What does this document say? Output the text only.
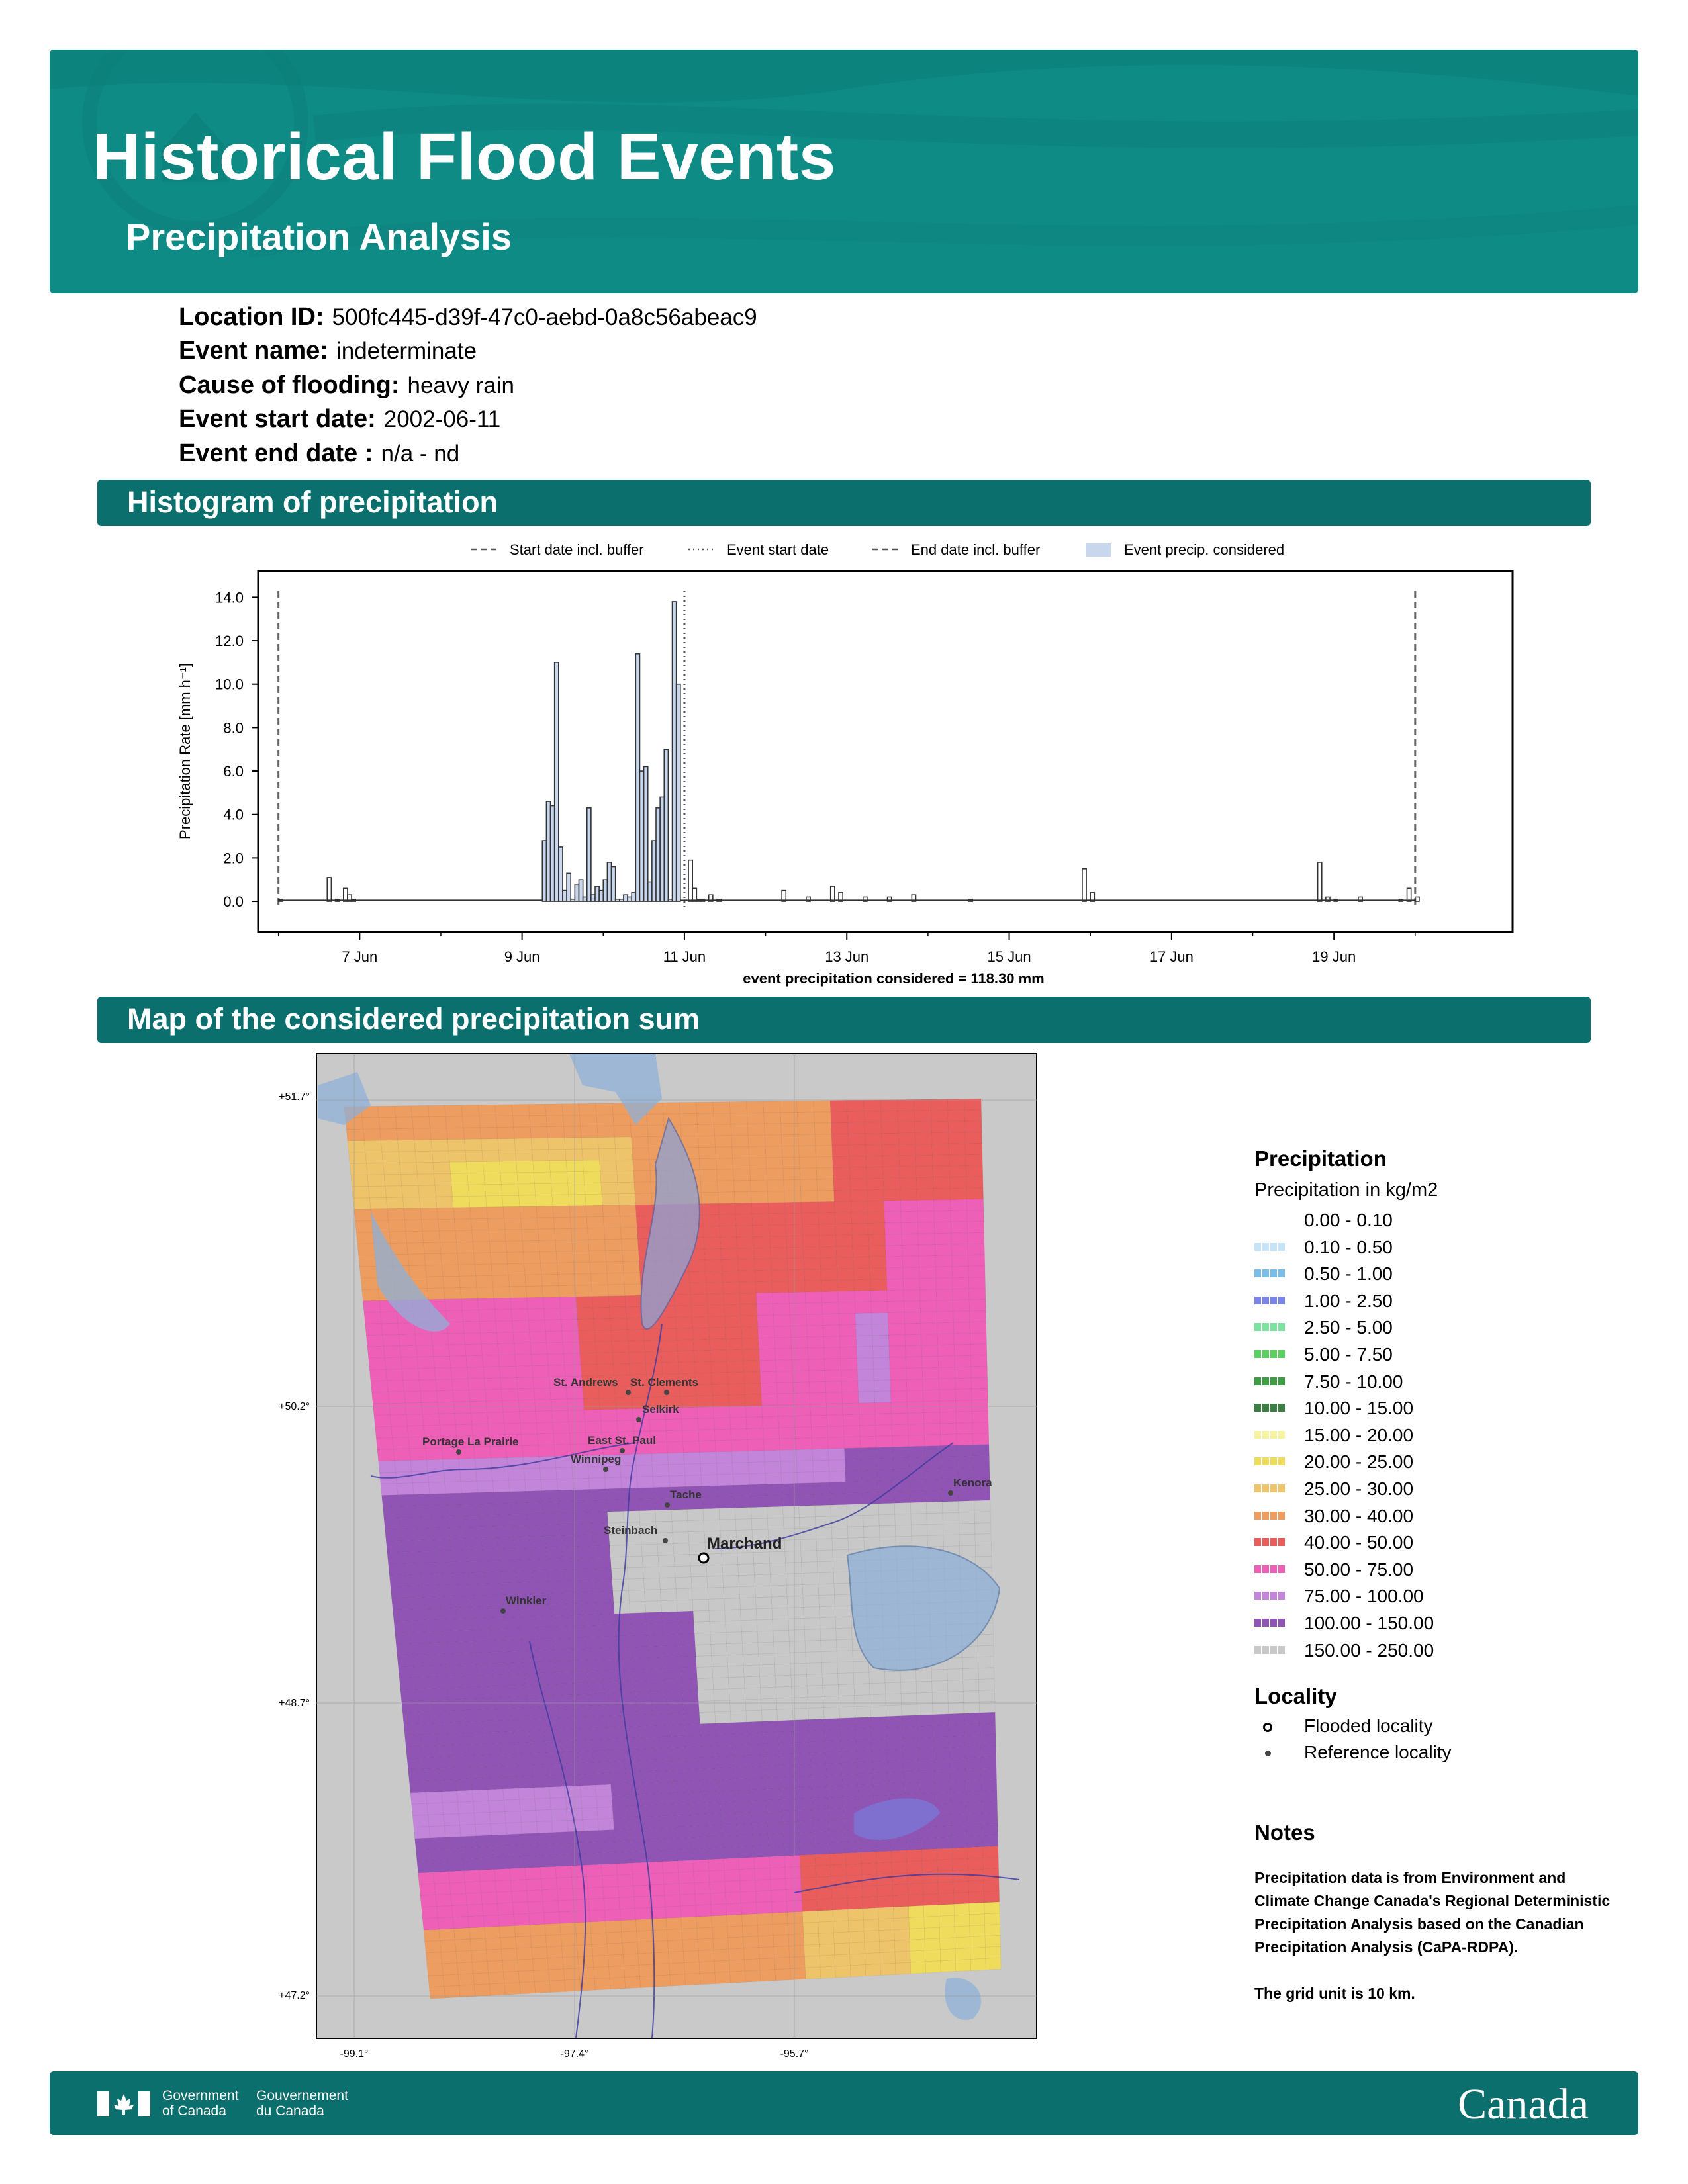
Historical Flood Events
Precipitation Analysis
Location ID: 500fc445-d39f-47c0-aebd-0a8c56abeac9
Event name: indeterminate
Cause of flooding: heavy rain
Event start date: 2002-06-11
Event end date : n/a - nd
Histogram of precipitation
Start date incl. buffer	Event start date	End date incl. buffer	Event precip. considered
0.0
2.0
4.0
6.0
8.0
10.0
12.0
14.0
7 Jun	9 Jun	11 Jun	13 Jun	15 Jun	17 Jun	19 Jun
Precipitation Rate [mm h⁻¹]
event precipitation considered = 118.30 mm
Map of the considered precipitation sum
St. Andrews St. Clements
Selkirk
Portage La Prairie	East St. Paul
Winnipeg
Tache
Steinbach
Winkler
Kenora
Marchand
+51.7°
+50.2°
+48.7°
+47.2°
-99.1°	-97.4°	-95.7°
Precipitation
Precipitation in kg/m2
Locality
Flooded locality
Reference locality
Notes
Precipitation data is from Environment and Climate Change Canada's Regional Deterministic Precipitation Analysis based on the Canadian Precipitation Analysis (CaPA-RDPA).
The grid unit is 10 km.
Government
of Canada
Gouvernement
du Canada	Canada
0.00 - 0.10
0.10 - 0.50
0.50 - 1.00
1.00 - 2.50
2.50 - 5.00
5.00 - 7.50
7.50 - 10.00
10.00 - 15.00
15.00 - 20.00
20.00 - 25.00
25.00 - 30.00
30.00 - 40.00
40.00 - 50.00
50.00 - 75.00
75.00 - 100.00
100.00 - 150.00
150.00 - 250.00
